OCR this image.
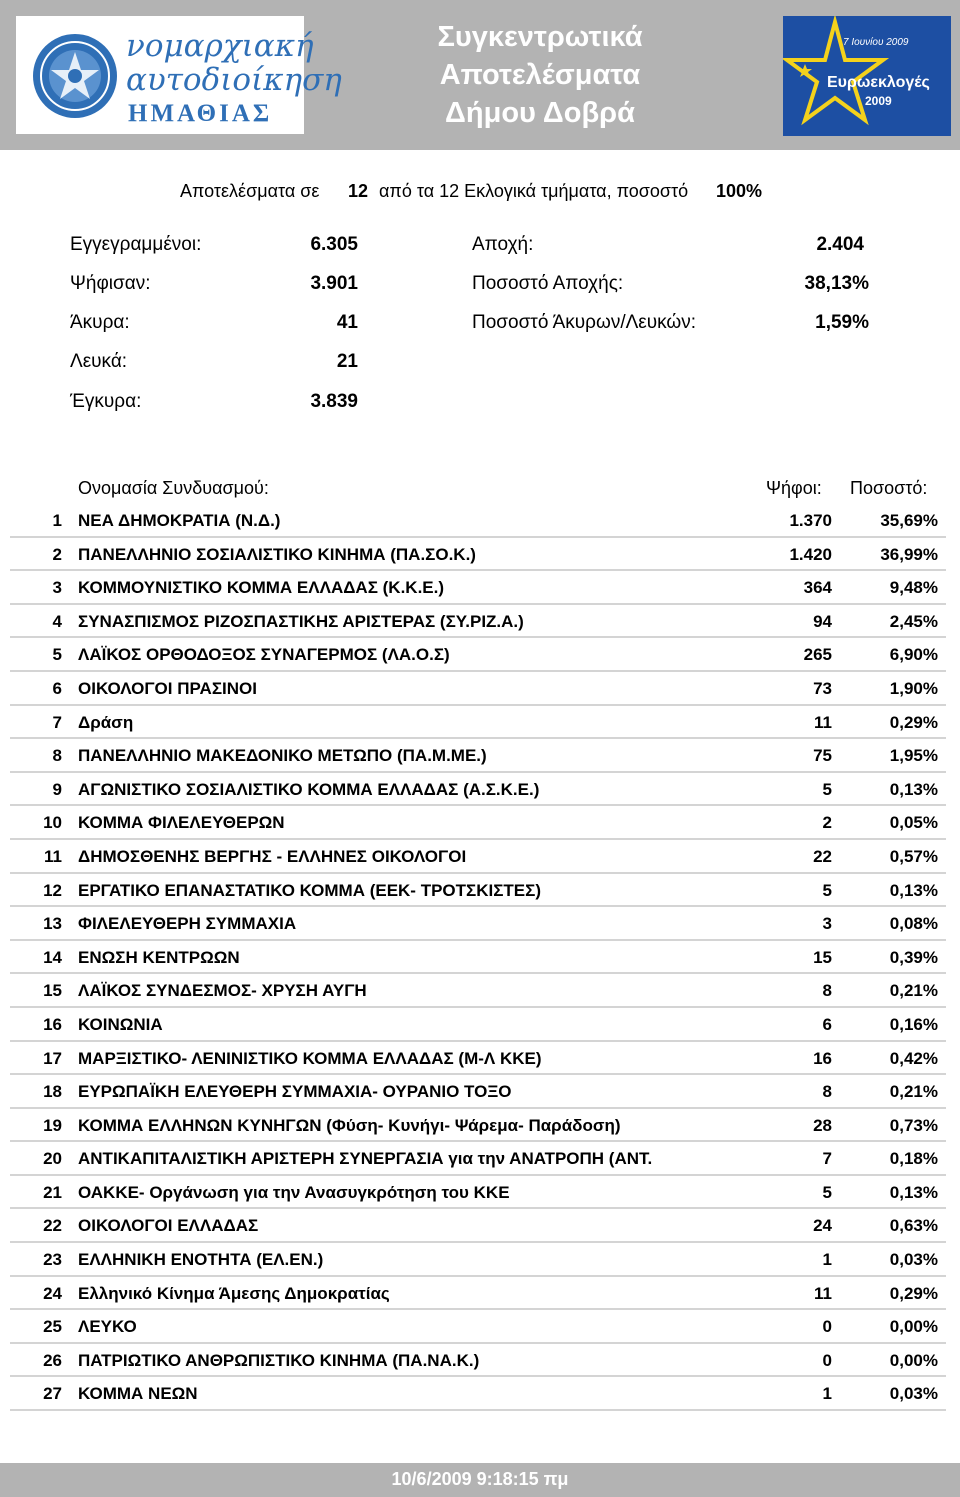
νομαρχιακή
αυτοδιοίκηση
ΗΜΑΘΙΑΣ
Συγκεντρωτικά
Αποτελέσματα
Δήμου Δοβρά
7 Ιουνίου 2009
Ευρωεκλογές
2009
Αποτελέσματα σε 12 από τα 12 Εκλογικά τμήματα, ποσοστό 100%
Εγγεγραμμένοι:	6.305
Ψήφισαν:	3.901
Άκυρα:	41
Λευκά:	21
Έγκυρα:	3.839
Αποχή:	2.404
Ποσοστό Αποχής:	38,13%
Ποσοστό Άκυρων/Λευκών:	1,59%
Ονομασία Συνδυασμού:	Ψήφοι: Ποσοστό:
1 ΝΕΑ ΔΗΜΟΚΡΑΤΙΑ (Ν.Δ.)	1.370	35,69%
2 ΠΑΝΕΛΛΗΝΙΟ ΣΟΣΙΑΛΙΣΤΙΚΟ ΚΙΝΗΜΑ (ΠΑ.ΣΟ.Κ.)	1.420	36,99%
3 ΚΟΜΜΟΥΝΙΣΤΙΚΟ ΚΟΜΜΑ ΕΛΛΑΔΑΣ (Κ.Κ.Ε.)	364	9,48%
4 ΣΥΝΑΣΠΙΣΜΟΣ ΡΙΖΟΣΠΑΣΤΙΚΗΣ ΑΡΙΣΤΕΡΑΣ (ΣΥ.ΡΙΖ.Α.)	94	2,45%
5 ΛΑΪΚΟΣ ΟΡΘΟΔΟΞΟΣ ΣΥΝΑΓΕΡΜΟΣ (ΛΑ.Ο.Σ)	265	6,90%
6 ΟΙΚΟΛΟΓΟΙ ΠΡΑΣΙΝΟΙ	73	1,90%
7 Δράση	11	0,29%
8 ΠΑΝΕΛΛΗΝΙΟ ΜΑΚΕΔΟΝΙΚΟ ΜΕΤΩΠΟ (ΠΑ.Μ.ΜΕ.)	75	1,95%
9 ΑΓΩΝΙΣΤΙΚΟ ΣΟΣΙΑΛΙΣΤΙΚΟ ΚΟΜΜΑ ΕΛΛΑΔΑΣ (Α.Σ.Κ.Ε.)	5	0,13%
10 ΚΟΜΜΑ ΦΙΛΕΛΕΥΘΕΡΩΝ	2	0,05%
11 ΔΗΜΟΣΘΕΝΗΣ ΒΕΡΓΗΣ - ΕΛΛΗΝΕΣ ΟΙΚΟΛΟΓΟΙ	22	0,57%
12 ΕΡΓΑΤΙΚΟ ΕΠΑΝΑΣΤΑΤΙΚΟ ΚΟΜΜΑ (ΕΕΚ- ΤΡΟΤΣΚΙΣΤΕΣ)	5	0,13%
13 ΦΙΛΕΛΕΥΘΕΡΗ ΣΥΜΜΑΧΙΑ	3	0,08%
14 ΕΝΩΣΗ ΚΕΝΤΡΩΩΝ	15	0,39%
15 ΛΑΪΚΟΣ ΣΥΝΔΕΣΜΟΣ- ΧΡΥΣΗ ΑΥΓΗ	8	0,21%
16 ΚΟΙΝΩΝΙΑ	6	0,16%
17 ΜΑΡΞΙΣΤΙΚΟ- ΛΕΝΙΝΙΣΤΙΚΟ ΚΟΜΜΑ ΕΛΛΑΔΑΣ (Μ-Λ ΚΚΕ)	16	0,42%
18 ΕΥΡΩΠΑΪΚΗ ΕΛΕΥΘΕΡΗ ΣΥΜΜΑΧΙΑ- ΟΥΡΑΝΙΟ ΤΟΞΟ	8	0,21%
19 ΚΟΜΜΑ ΕΛΛΗΝΩΝ ΚΥΝΗΓΩΝ (Φύση- Κυνήγι- Ψάρεμα- Παράδοση)	28	0,73%
20 ΑΝΤΙΚΑΠΙΤΑΛΙΣΤΙΚΗ ΑΡΙΣΤΕΡΗ ΣΥΝΕΡΓΑΣΙΑ για την ΑΝΑΤΡΟΠΗ (ΑΝΤ.	7	0,18%
21 ΟΑΚΚΕ- Οργάνωση για την Ανασυγκρότηση του ΚΚΕ	5	0,13%
22 ΟΙΚΟΛΟΓΟΙ ΕΛΛΑΔΑΣ	24	0,63%
23 ΕΛΛΗΝΙΚΗ ΕΝΟΤΗΤΑ (ΕΛ.ΕΝ.)	1	0,03%
24 Ελληνικό Κίνημα Άμεσης Δημοκρατίας	11	0,29%
25 ΛΕΥΚΟ	0	0,00%
26 ΠΑΤΡΙΩΤΙΚΟ ΑΝΘΡΩΠΙΣΤΙΚΟ ΚΙΝΗΜΑ (ΠΑ.ΝΑ.Κ.)	0	0,00%
27 ΚΟΜΜΑ ΝΕΩΝ	1	0,03%
10/6/2009 9:18:15 πμ
